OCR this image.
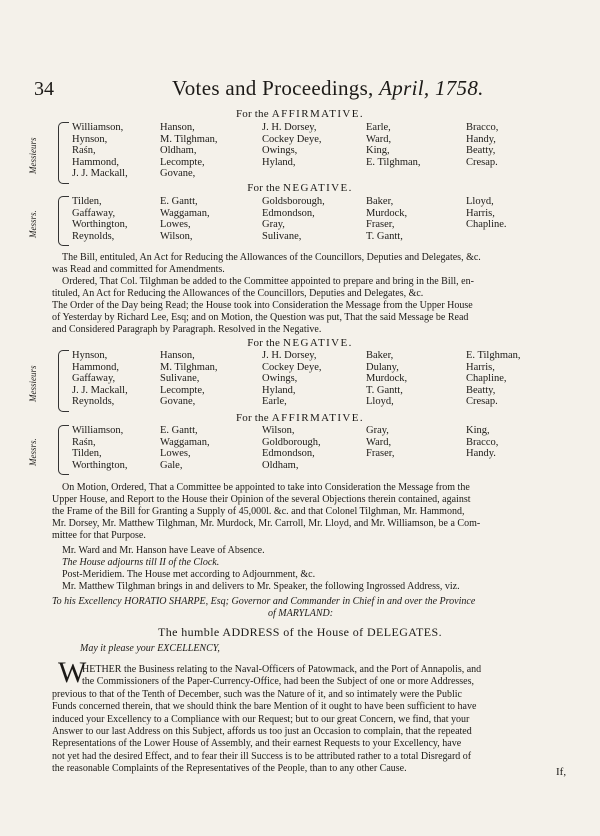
34	Votes and Proceedings, April, 1758.
For the AFFIRMATIVE.
Messieurs
Williamson,
Hynson,
Raśn,
Hammond,
J. J. Mackall,
Hanson,
M. Tilghman,
Oldham,
Lecompte,
Govane,
J. H. Dorsey,
Cockey Deye,
Owings,
Hyland,
Earle,
Ward,
King,
E. Tilghman,
Bracco,
Handy,
Beatty,
Cresap.
For the NEGATIVE.
Messrs.
Tilden,
Gaffaway,
Worthington,
Reynolds,
E. Gantt,
Waggaman,
Lowes,
Wilson,
Goldsborough,
Edmondson,
Gray,
Sulivane,
Baker,
Murdock,
Fraser,
T. Gantt,
Lloyd,
Harris,
Chapline.
The Bill, entituled, An Act for Reducing the Allowances of the Councillors, Deputies and Delegates, &c.
was Read and committed for Amendments.
Ordered, That Col. Tilghman be added to the Committee appointed to prepare and bring in the Bill, en-
tituled, An Act for Reducing the Allowances of the Councillors, Deputies and Delegates, &c.
The Order of the Day being Read; the House took into Consideration the Message from the Upper House
of Yesterday by Richard Lee, Esq; and on Motion, the Question was put, That the said Message be Read
and Considered Paragraph by Paragraph. Resolved in the Negative.
For the NEGATIVE.
Messieurs
Hynson,
Hammond,
Gaffaway,
J. J. Mackall,
Reynolds,
Hanson,
M. Tilghman,
Sulivane,
Lecompte,
Govane,
J. H. Dorsey,
Cockey Deye,
Owings,
Hyland,
Earle,
Baker,
Dulany,
Murdock,
T. Gantt,
Lloyd,
E. Tilghman,
Harris,
Chapline,
Beatty,
Cresap.
For the AFFIRMATIVE.
Messrs.
Williamson,
Raśn,
Tilden,
Worthington,
E. Gantt,
Waggaman,
Lowes,
Gale,
Wilson,
Goldborough,
Edmondson,
Oldham,
Gray,
Ward,
Fraser,
King,
Bracco,
Handy.
On Motion, Ordered, That a Committee be appointed to take into Consideration the Message from the
Upper House, and Report to the House their Opinion of the several Objections therein contained, against
the Frame of the Bill for Granting a Supply of 45,000l. &c. and that Colonel Tilghman, Mr. Hammond,
Mr. Dorsey, Mr. Matthew Tilghman, Mr. Murdock, Mr. Carroll, Mr. Lloyd, and Mr. Williamson, be a Com-
mittee for that Purpose.
Mr. Ward and Mr. Hanson have Leave of Absence.
The House adjourns till II of the Clock.
Post-Meridiem. The House met according to Adjournment, &c.
Mr. Matthew Tilghman brings in and delivers to Mr. Speaker, the following Ingrossed Address, viz.
To his Excellency HORATIO SHARPE, Esq; Governor and Commander in Chief in and over the Province
of MARYLAND:
The humble ADDRESS of the House of DELEGATES.
May it please your EXCELLENCY,
W
HETHER the Business relating to the Naval-Officers of Patowmack, and the Port of Annapolis, and
the Commissioners of the Paper-Currency-Office, had been the Subject of one or more Addresses,
previous to that of the Tenth of December, such was the Nature of it, and so intimately were the Public
Funds concerned therein, that we should think the bare Mention of it ought to have been sufficient to have
induced your Excellency to a Compliance with our Request; but to our great Concern, we find, that your
Answer to our last Address on this Subject, affords us too just an Occasion to complain, that the repeated
Representations of the Lower House of Assembly, and their earnest Requests to your Excellency, have
not yet had the desired Effect, and to fear their ill Success is to be attributed rather to a total Disregard of
the reasonable Complaints of the Representatives of the People, than to any other Cause.	If,
